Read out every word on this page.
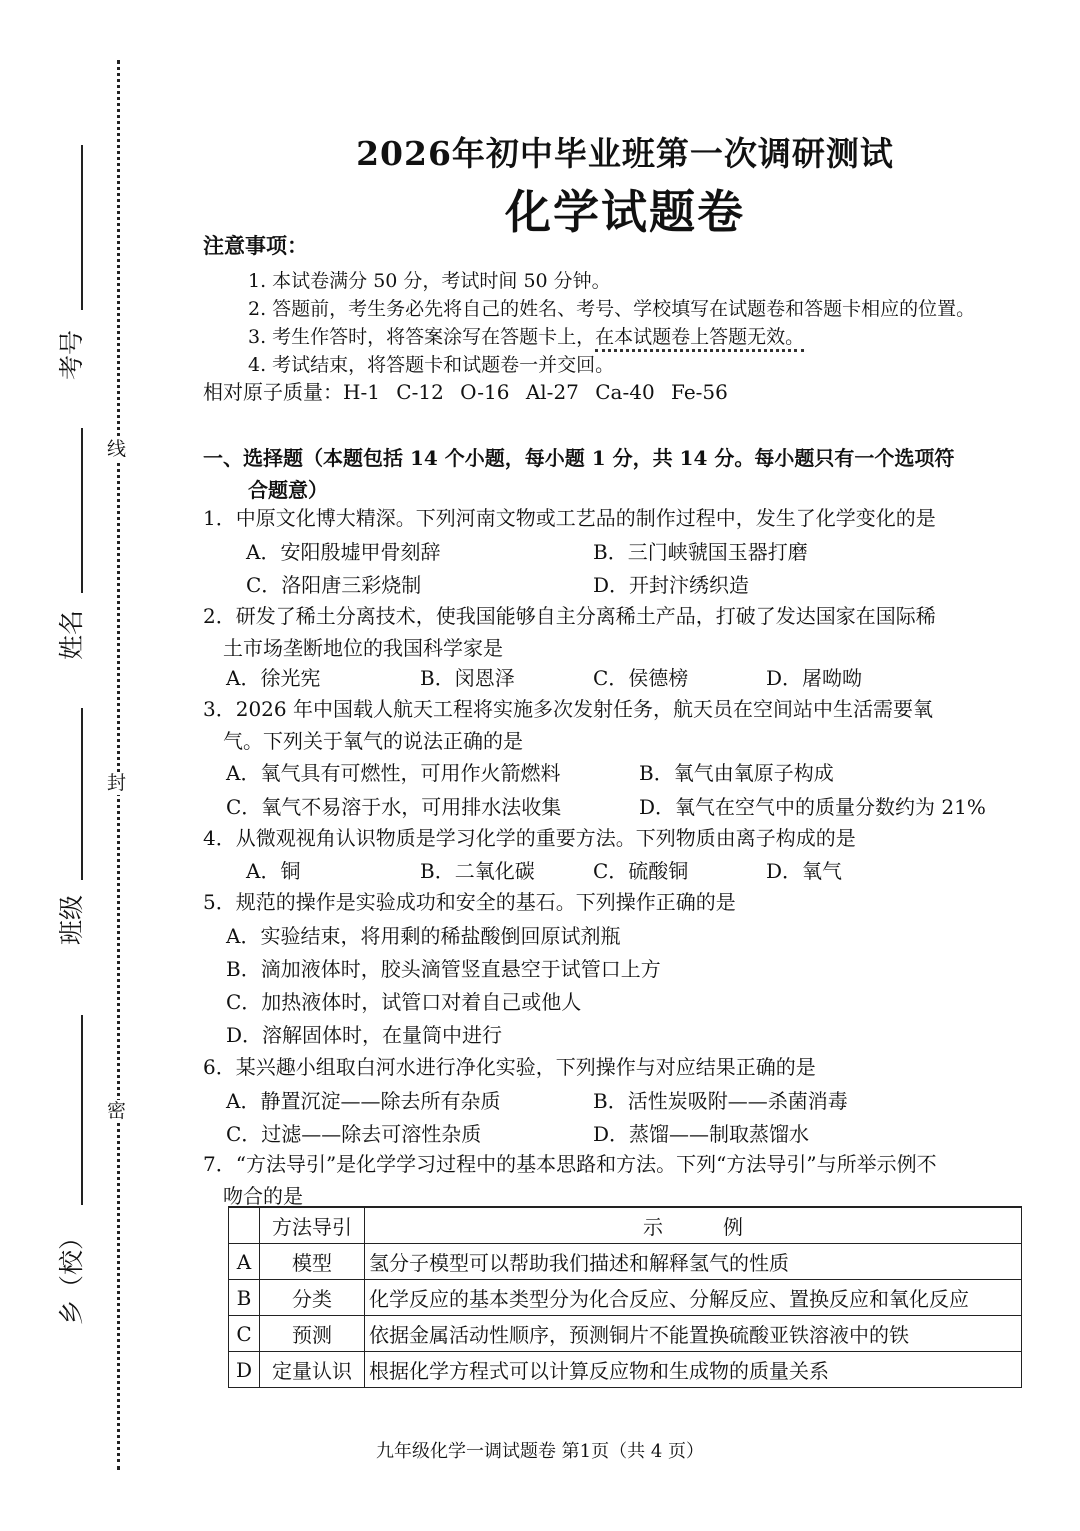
线
封
密
考号
姓名
班级
乡（校）
2026年初中毕业班第一次调研测试
化学试题卷
注意事项：
1. 本试卷满分 50 分，考试时间 50 分钟。
2. 答题前，考生务必先将自己的姓名、考号、学校填写在试题卷和答题卡相应的位置。
3. 考生作答时，将答案涂写在答题卡上，在本试题卷上答题无效。
4. 考试结束，将答题卡和试题卷一并交回。
相对原子质量：H-1 C-12 O-16 Al-27 Ca-40 Fe-56
一、选择题（本题包括 14 个小题，每小题 1 分，共 14 分。每小题只有一个选项符
合题意）
1．中原文化博大精深。下列河南文物或工艺品的制作过程中，发生了化学变化的是
A．安阳殷墟甲骨刻辞	B．三门峡虢国玉器打磨
C．洛阳唐三彩烧制	D．开封汴绣织造
2．研发了稀土分离技术，使我国能够自主分离稀土产品，打破了发达国家在国际稀
土市场垄断地位的我国科学家是
A．徐光宪	B．闵恩泽	C．侯德榜	D．屠呦呦
3．2026 年中国载人航天工程将实施多次发射任务，航天员在空间站中生活需要氧
气。下列关于氧气的说法正确的是
A．氧气具有可燃性，可用作火箭燃料	B．氧气由氧原子构成
C．氧气不易溶于水，可用排水法收集	D．氧气在空气中的质量分数约为 21%
4．从微观视角认识物质是学习化学的重要方法。下列物质由离子构成的是
A．铜	B．二氧化碳	C．硫酸铜	D．氧气
5．规范的操作是实验成功和安全的基石。下列操作正确的是
A．实验结束，将用剩的稀盐酸倒回原试剂瓶
B．滴加液体时，胶头滴管竖直悬空于试管口上方
C．加热液体时，试管口对着自己或他人
D．溶解固体时，在量筒中进行
6．某兴趣小组取白河水进行净化实验，下列操作与对应结果正确的是
A．静置沉淀——除去所有杂质	B．活性炭吸附——杀菌消毒
C．过滤——除去可溶性杂质	D．蒸馏——制取蒸馏水
7．“方法导引”是化学学习过程中的基本思路和方法。下列“方法导引”与所举示例不
吻合的是
	方法导引	示　　　例
A	模型	氢分子模型可以帮助我们描述和解释氢气的性质
B	分类	化学反应的基本类型分为化合反应、分解反应、置换反应和氧化反应
C	预测	依据金属活动性顺序，预测铜片不能置换硫酸亚铁溶液中的铁
D	定量认识	根据化学方程式可以计算反应物和生成物的质量关系
九年级化学一调试题卷 第1页（共 4 页）
